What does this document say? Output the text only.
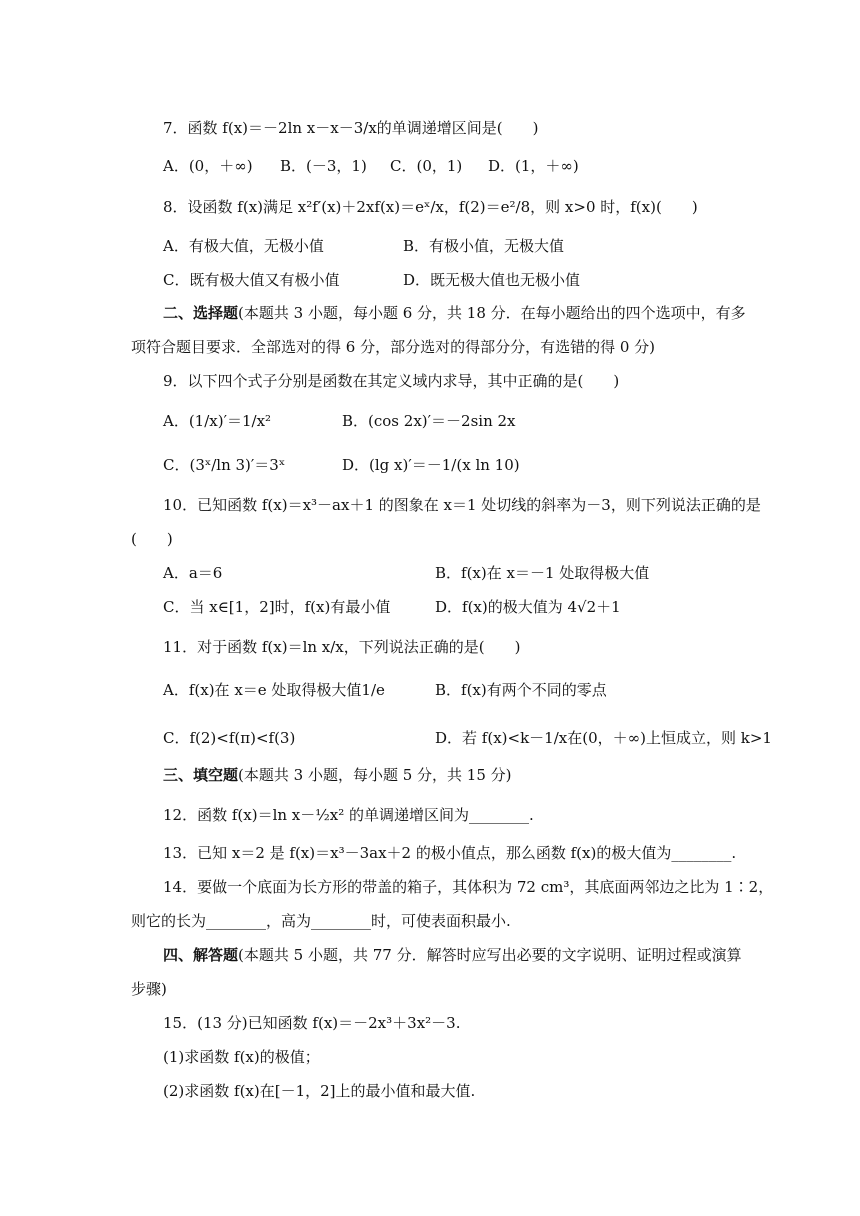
7．函数 f(x)＝－2ln x－x－3/x的单调递增区间是(　　)
A．(0，＋∞) B．(－3，1) C．(0，1) D．(1，＋∞)
8．设函数 f(x)满足 x²f′(x)＋2xf(x)＝eˣ/x，f(2)＝e²/8，则 x>0 时，f(x)(　　)
A．有极大值，无极小值	B．有极小值，无极大值
C．既有极大值又有极小值	D．既无极大值也无极小值
二、选择题(本题共 3 小题，每小题 6 分，共 18 分．在每小题给出的四个选项中，有多
项符合题目要求．全部选对的得 6 分，部分选对的得部分分，有选错的得 0 分)
9．以下四个式子分别是函数在其定义域内求导，其中正确的是(　　)
A．(1/x)′＝1/x²	B．(cos 2x)′＝－2sin 2x
C．(3ˣ/ln 3)′＝3ˣ	D．(lg x)′＝－1/(x ln 10)
10．已知函数 f(x)＝x³－ax＋1 的图象在 x＝1 处切线的斜率为－3，则下列说法正确的是
(　　)
A．a＝6	B．f(x)在 x＝－1 处取得极大值
C．当 x∈[1，2]时，f(x)有最小值	D．f(x)的极大值为 4√2＋1
11．对于函数 f(x)＝ln x/x，下列说法正确的是(　　)
A．f(x)在 x＝e 处取得极大值1/e	B．f(x)有两个不同的零点
C．f(2)<f(π)<f(3)	D．若 f(x)<k－1/x在(0，＋∞)上恒成立，则 k>1
三、填空题(本题共 3 小题，每小题 5 分，共 15 分)
12．函数 f(x)＝ln x－½x² 的单调递增区间为________.
13．已知 x＝2 是 f(x)＝x³－3ax＋2 的极小值点，那么函数 f(x)的极大值为________.
14．要做一个底面为长方形的带盖的箱子，其体积为 72 cm³，其底面两邻边之比为 1∶2，
则它的长为________，高为________时，可使表面积最小.
四、解答题(本题共 5 小题，共 77 分．解答时应写出必要的文字说明、证明过程或演算
步骤)
15．(13 分)已知函数 f(x)＝－2x³＋3x²－3.
(1)求函数 f(x)的极值；
(2)求函数 f(x)在[－1，2]上的最小值和最大值.
